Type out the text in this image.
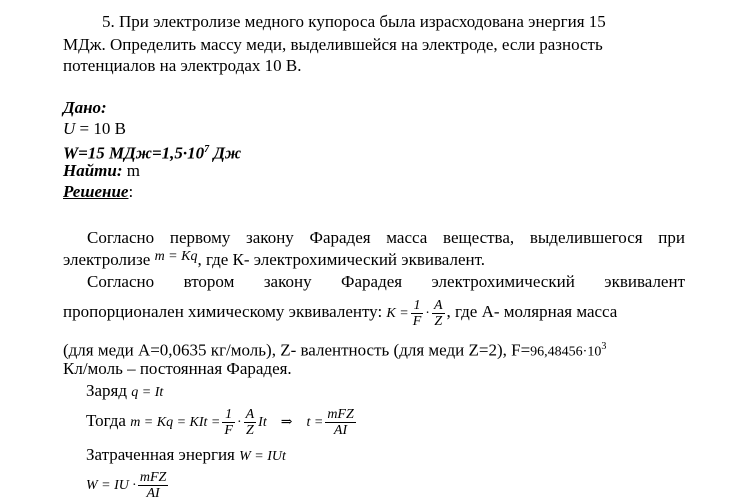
5. При электролизе медного купороса была израсходована энергия 15
МДж. Определить массу меди, выделившейся на электроде, если разность
потенциалов на электродах 10 В.
Дано:
U = 10 В
W=15 $МДж=1,5\cdot 10^7$ Дж
Найти: m
Решение:
Согласно первому закону Фарадея масса вещества, выделившегося при
электролизе $^{m = Kq}$, где К- электрохимический эквивалент.
Согласно втором закону Фарадея электрохимический эквивалент
пропорционален химическому эквиваленту: $K = \frac{1}{F} \cdot \frac{A}{Z}$ , где А- молярная масса
(для меди А=0,0635 кг/моль), Z- валентность (для меди Z=2), $F=96,48456\cdot 10^3$
Кл/моль – постоянная Фарадея.
Заряд q = It
Тогда m = Kq = KIt = $\frac{1}{F} \cdot \frac{A}{Z}$ It ⇒ $t = \frac{\text{mFZ}}{AI}$
Затраченная энергия W = IUt
W = IU · $\frac{\text{mFZ}}{AI}$
